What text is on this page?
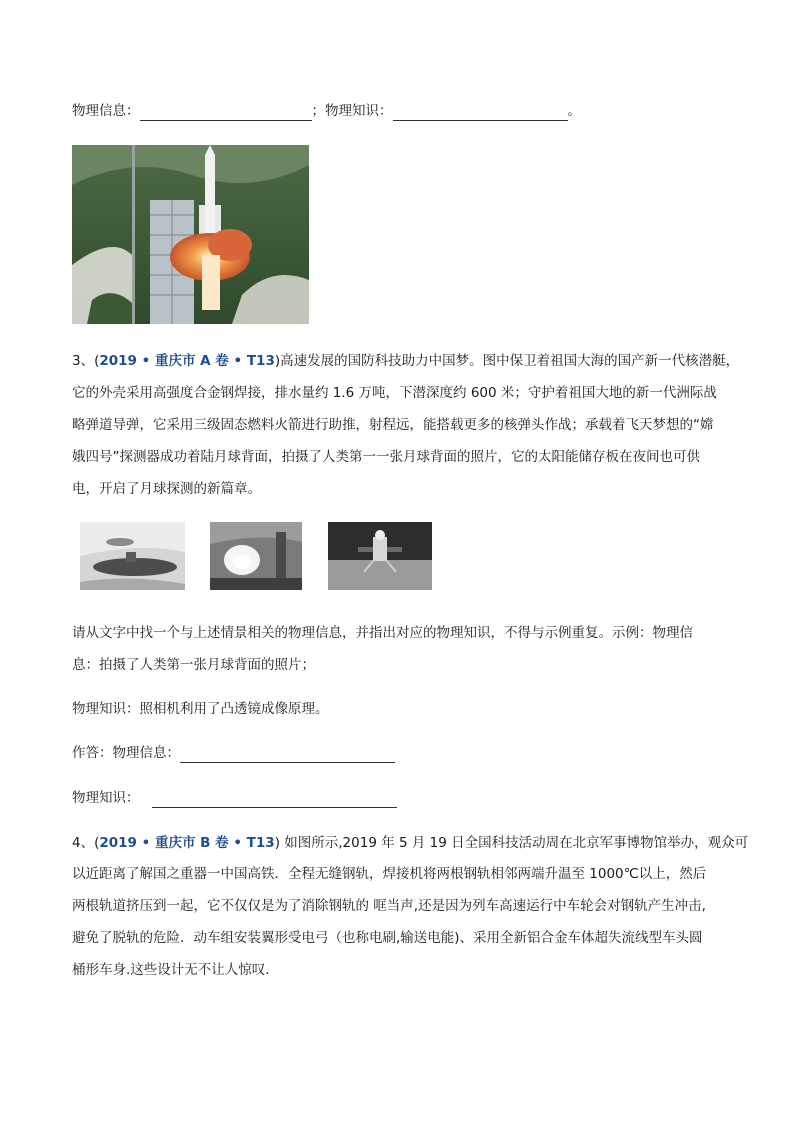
物理信息：	；物理知识：	。
3、(2019 • 重庆市 A 卷 • T13)高速发展的国防科技助力中国梦。图中保卫着祖国大海的国产新一代核潜艇，
它的外壳采用高强度合金钢焊接，排水量约 1.6 万吨，下潜深度约 600 米；守护着祖国大地的新一代洲际战
略弹道导弹，它采用三级固态燃料火箭进行助推，射程远，能搭载更多的核弹头作战；承载着飞天梦想的“嫦
娥四号”探测器成功着陆月球背面，拍摄了人类第一一张月球背面的照片，它的太阳能储存板在夜间也可供
电，开启了月球探测的新篇章。
请从文字中找一个与上述情景相关的物理信息，并指出对应的物理知识，不得与示例重复。示例：物理信
息：拍摄了人类第一张月球背面的照片；
物理知识：照相机利用了凸透镜成像原理。
作答：物理信息：
物理知识：
4、(2019 • 重庆市 B 卷 • T13) 如图所示,2019 年 5 月 19 日全国科技活动周在北京军事博物馆举办，观众可
以近距离了解国之重器一中国高铁．全程无缝钢轨，焊接机将两根钢轨相邻两端升温至 1000℃以上，然后
两根轨道挤压到一起，它不仅仅是为了消除钢轨的 哐当声,还是因为列车高速运行中车轮会对钢轨产生冲击,
避免了脱轨的危险．动车组安装翼形受电弓（也称电刷,输送电能)、采用全新铝合金车体超失流线型车头圆
桶形车身.这些设计无不让人惊叹．
